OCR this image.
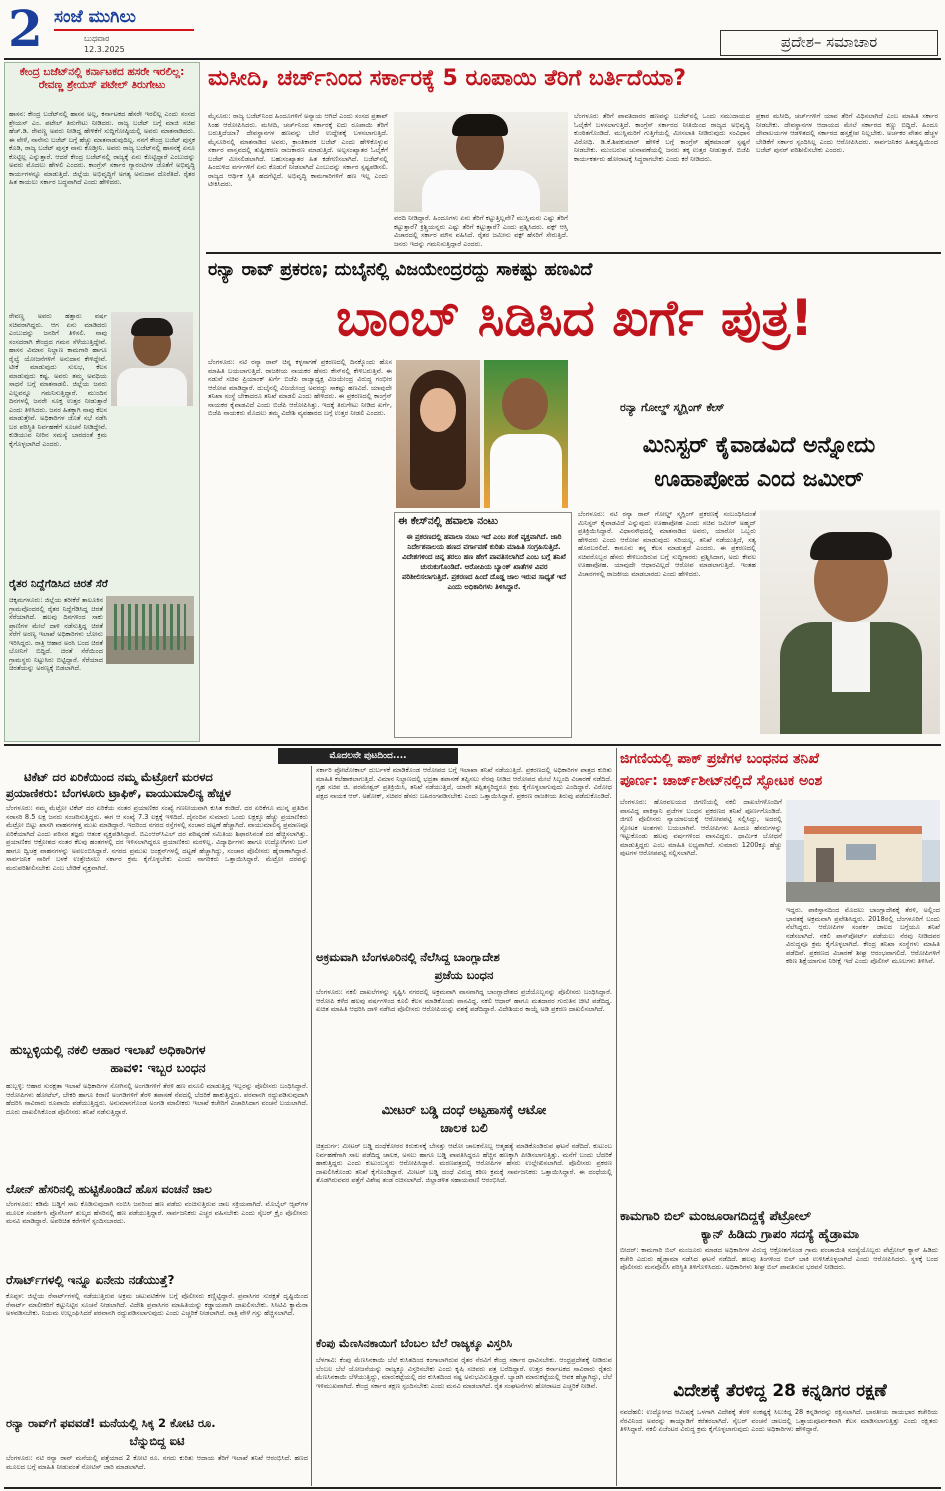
2 ಸಂಜೆ ಮುಗಿಲು
ಬುಧವಾರ
12.3.2025	ಪ್ರದೇಶ– ಸಮಾಚಾರ
ಕೇಂದ್ರ ಬಜೆಟ್‌ನಲ್ಲಿ ಕರ್ನಾಟಕದ ಹಸರೇ ಇರಲಿಲ್ಲ: ರೇವಣ್ಣ ಶ್ರೇಯಸ್ ಪಟೇಲ್ ತಿರುಗೇಟು
ಹಾಸನ: ಕೇಂದ್ರ ಬಜೆಟ್‌ನಲ್ಲಿ ಹಾಸನ ಅಲ್ಲ, ಕರ್ನಾಟಕದ ಹೆಸರೇ ಇರಲಿಲ್ಲ ಎಂದು ಸಂಸದ ಶ್ರೇಯಸ್ ಎಂ. ಪಟೇಲ್ ತಿರುಗೇಟು ನೀಡಿದರು. ರಾಜ್ಯ ಬಜೆಟ್ ಬಗ್ಗೆ ಮಾಜಿ ಸಚಿವ ಹೆಚ್.ಡಿ. ರೇವಣ್ಣ ಅವರು ನೀಡಿದ್ದ ಹೇಳಿಕೆಗೆ ಸುದ್ದಿಗೋಷ್ಠಿಯಲ್ಲಿ ಅವರು ಮಾತನಾಡಿದರು. ಈ ವೇಳೆ, ನಾನೇನು ಬಜೆಟ್ ಬಗ್ಗೆ ಹೆಚ್ಚು ಮಾತನಾಡುವುದಿಲ್ಲ. ನನಗೆ ಕೇಂದ್ರ ಬಜೆಟ್ ಪುಸ್ತಕ ಕೊಡಿ, ರಾಜ್ಯ ಬಜೆಟ್ ಪುಸ್ತಕ ನಾನು ಕೊಡ್ತೀನಿ. ಅವರು ರಾಜ್ಯ ಬಜೆಟ್‌ನಲ್ಲಿ ಹಾಸನಕ್ಕೆ ಏನೂ ಕೊಟ್ಟಿಲ್ಲ ಎನ್ನುತ್ತಾರೆ. ಆದರೆ ಕೇಂದ್ರ ಬಜೆಟ್‌ನಲ್ಲಿ ರಾಜ್ಯಕ್ಕೆ ಏನು ಕೊಟ್ಟಿದ್ದಾರೆ ಎಂಬುದನ್ನು ಅವರು ಮೊದಲು ಹೇಳಲಿ ಎಂದರು. ಕಾಂಗ್ರೆಸ್ ಸರ್ಕಾರ ಗ್ಯಾರಂಟಿಗಳ ಜೊತೆಗೆ ಅಭಿವೃದ್ಧಿ ಕಾರ್ಯಗಳನ್ನೂ ಮಾಡುತ್ತಿದೆ. ಜಿಲ್ಲೆಯ ಅಭಿವೃದ್ಧಿಗೆ ಅಗತ್ಯ ಅನುದಾನ ದೊರೆತಿದೆ. ರೈತರ ಹಿತ ಕಾಯಲು ಸರ್ಕಾರ ಬದ್ಧವಾಗಿದೆ ಎಂದು ಹೇಳಿದರು.
ರೇವಣ್ಣ ಅವರು ಹತ್ತಾರು ವರ್ಷ ಸಚಿವರಾಗಿದ್ದರು. ಆಗ ಏನು ಮಾಡಿದರು ಎಂಬುದನ್ನು ಜನರಿಗೆ ತಿಳಿಸಲಿ. ನಾವು ಸಂಸದರಾಗಿ ಕೇಂದ್ರದ ಗಮನ ಸೆಳೆಯುತ್ತಿದ್ದೇವೆ. ಹಾಸನ ವಿಮಾನ ನಿಲ್ದಾಣ ಕಾಮಗಾರಿ ಹಾಗೂ ರೈಲ್ವೆ ಯೋಜನೆಗಳಿಗೆ ಅನುದಾನ ಕೇಳಿದ್ದೇವೆ. ಟೀಕೆ ಮಾಡುವುದು ಸುಲಭ, ಕೆಲಸ ಮಾಡುವುದು ಕಷ್ಟ. ಅವರು ತಮ್ಮ ಅವಧಿಯ ಸಾಧನೆ ಬಗ್ಗೆ ಮಾತನಾಡಲಿ. ಜಿಲ್ಲೆಯ ಜನರು ಎಲ್ಲವನ್ನೂ ಗಮನಿಸುತ್ತಿದ್ದಾರೆ. ಮುಂದಿನ ದಿನಗಳಲ್ಲಿ ಜನರೇ ಸೂಕ್ತ ಉತ್ತರ ನೀಡುತ್ತಾರೆ ಎಂದು ತಿಳಿಸಿದರು. ಜನರ ಹಿತಕ್ಕಾಗಿ ನಾವು ಕೆಲಸ ಮಾಡುತ್ತೇವೆ. ಅಧಿಕಾರಿಗಳ ಜೊತೆ ಸಭೆ ನಡೆಸಿ ಬರ ಪರಿಸ್ಥಿತಿ ನಿರ್ವಹಣೆಗೆ ಸೂಚನೆ ನೀಡಿದ್ದೇವೆ. ಕುಡಿಯುವ ನೀರಿನ ಸಮಸ್ಯೆ ಬಾರದಂತೆ ಕ್ರಮ ಕೈಗೊಳ್ಳಲಾಗಿದೆ ಎಂದರು.
ರೈತರ ನಿದ್ದೆಗೆಡಿಸಿದ ಚಿರತೆ ಸೆರೆ
ಚಿಕ್ಕಮಗಳೂರು: ಜಿಲ್ಲೆಯ ತರೀಕೆರೆ ತಾಲೂಕಿನ ಗ್ರಾಮವೊಂದರಲ್ಲಿ ರೈತರ ನಿದ್ದೆಗೆಡಿಸಿದ್ದ ಚಿರತೆ ಸೆರೆಯಾಗಿದೆ. ಹಲವು ದಿನಗಳಿಂದ ಸಾಕು ಪ್ರಾಣಿಗಳ ಮೇಲೆ ದಾಳಿ ನಡೆಸುತ್ತಿದ್ದ ಚಿರತೆ ಸೆರೆಗೆ ಅರಣ್ಯ ಇಲಾಖೆ ಅಧಿಕಾರಿಗಳು ಬೋನು ಇರಿಸಿದ್ದರು. ರಾತ್ರಿ ಆಹಾರ ಅರಸಿ ಬಂದ ಚಿರತೆ ಬೋನಿಗೆ ಬಿದ್ದಿದೆ. ಚಿರತೆ ಸೆರೆಯಿಂದ ಗ್ರಾಮಸ್ಥರು ನಿಟ್ಟುಸಿರು ಬಿಟ್ಟಿದ್ದಾರೆ. ಸೆರೆಯಾದ ಚಿರತೆಯನ್ನು ಅರಣ್ಯಕ್ಕೆ ಬಿಡಲಾಗಿದೆ.
ಮಸೀದಿ, ಚರ್ಚ್‌ನಿಂದ ಸರ್ಕಾರಕ್ಕೆ 5 ರೂಪಾಯಿ ತೆರಿಗೆ ಬರ್ತಿದೆಯಾ?
ಮೈಸೂರು: ರಾಜ್ಯ ಬಜೆಟ್‌ನಿಂದ ಹಿಂದೂಗಳಿಗೆ ಅನ್ಯಾಯ ಆಗಿದೆ ಎಂದು ಸಂಸದ ಪ್ರತಾಪ್ ಸಿಂಹ ಆರೋಪಿಸಿದರು. ಮಸೀದಿ, ಚರ್ಚ್‌ನಿಂದ ಸರ್ಕಾರಕ್ಕೆ ಐದು ರೂಪಾಯಿ ತೆರಿಗೆ ಬರುತ್ತಿದೆಯಾ? ದೇವಸ್ಥಾನಗಳ ಹಣವನ್ನು ಬೇರೆ ಉದ್ದೇಶಕ್ಕೆ ಬಳಸಲಾಗುತ್ತಿದೆ. ಮೈಸೂರಿನಲ್ಲಿ ಮಾತನಾಡಿದ ಅವರು, ಕ್ರಾಂತಿಕಾರಕ ಬಜೆಟ್ ಎಂದು ಹೇಳಿಕೊಳ್ಳುವ ಸರ್ಕಾರ ವಾಸ್ತವದಲ್ಲಿ ತುಷ್ಟೀಕರಣ ರಾಜಕಾರಣ ಮಾಡುತ್ತಿದೆ. ಅಲ್ಪಸಂಖ್ಯಾತರ ಓಲೈಕೆಗೆ ಬಜೆಟ್ ಮೀಸಲಿಡಲಾಗಿದೆ. ಬಹುಸಂಖ್ಯಾತರ ಹಿತ ಕಡೆಗಣಿಸಲಾಗಿದೆ. ಬಜೆಟ್‌ನಲ್ಲಿ ಹಿಂದುಳಿದ ವರ್ಗಗಳಿಗೆ ಏನು ಕೊಡುಗೆ ನೀಡಲಾಗಿದೆ ಎಂಬುದನ್ನು ಸರ್ಕಾರ ಸ್ಪಷ್ಟಪಡಿಸಲಿ. ರಾಜ್ಯದ ಆರ್ಥಿಕ ಸ್ಥಿತಿ ಹದಗೆಟ್ಟಿದೆ. ಅಭಿವೃದ್ಧಿ ಕಾಮಗಾರಿಗಳಿಗೆ ಹಣ ಇಲ್ಲ ಎಂದು ಟೀಕಿಸಿದರು.
ವರದಿ ನೀಡಿದ್ದಾರೆ. ಹಿಂದೂಗಳು ಏನು ತೆರಿಗೆ ಕಟ್ಟುತ್ತಿಲ್ಲವೇ? ಮುಸ್ಲಿಮರು ಎಷ್ಟು ತೆರಿಗೆ ಕಟ್ಟುತ್ತಾರೆ? ಕ್ರಿಶ್ಚಿಯನ್ನರು ಎಷ್ಟು ತೆರಿಗೆ ಕಟ್ಟುತ್ತಾರೆ? ಎಂದು ಪ್ರಶ್ನಿಸಿದರು. ವಕ್ಫ್ ಆಸ್ತಿ ವಿಚಾರದಲ್ಲಿ ಸರ್ಕಾರ ಮೌನ ವಹಿಸಿದೆ. ರೈತರ ಜಮೀನು ವಕ್ಫ್ ಹೆಸರಿಗೆ ಸೇರುತ್ತಿದೆ. ಜನರು ಇದನ್ನು ಗಮನಿಸುತ್ತಿದ್ದಾರೆ ಎಂದರು.
ಬೆಂಗಳೂರು ತೆರಿಗೆ ಪಾವತಿದಾರರ ಹಣವನ್ನು ಬಜೆಟ್‌ನಲ್ಲಿ ಒಂದು ಸಮುದಾಯದ ಓಲೈಕೆಗೆ ಬಳಸಲಾಗುತ್ತಿದೆ. ಕಾಂಗ್ರೆಸ್ ಸರ್ಕಾರದ ನೀತಿಯಿಂದ ರಾಜ್ಯದ ಅಭಿವೃದ್ಧಿ ಕುಂಠಿತಗೊಂಡಿದೆ. ಮುಸ್ಲಿಮರಿಗೆ ಗುತ್ತಿಗೆಯಲ್ಲಿ ಮೀಸಲಾತಿ ನೀಡಿರುವುದು ಸಂವಿಧಾನ ವಿರೋಧಿ. ಡಿ.ಕೆ.ಶಿವಕುಮಾರ್ ಹೇಳಿಕೆ ಬಗ್ಗೆ ಕಾಂಗ್ರೆಸ್ ಹೈಕಮಾಂಡ್ ಸ್ಪಷ್ಟನೆ ನೀಡಬೇಕು. ಮುಂಬರುವ ಚುನಾವಣೆಯಲ್ಲಿ ಜನರು ತಕ್ಕ ಉತ್ತರ ನೀಡುತ್ತಾರೆ. ಬಿಜೆಪಿ ಕಾರ್ಯಕರ್ತರು ಹೋರಾಟಕ್ಕೆ ಸಿದ್ಧರಾಗಬೇಕು ಎಂದು ಕರೆ ನೀಡಿದರು.
ಪ್ರಕಾರ ಮಸೀದಿ, ಚರ್ಚ್‌ಗಳಿಗೆ ಯಾವ ತೆರಿಗೆ ವಿಧಿಸಲಾಗಿದೆ ಎಂಬ ಮಾಹಿತಿ ಸರ್ಕಾರ ನೀಡಬೇಕು. ದೇವಸ್ಥಾನಗಳ ಆದಾಯದ ಮೇಲೆ ಸರ್ಕಾರದ ಕಣ್ಣು ಬಿದ್ದಿದೆ. ಹಿಂದೂ ದೇವಾಲಯಗಳ ಆಡಳಿತದಲ್ಲಿ ಸರ್ಕಾರದ ಹಸ್ತಕ್ಷೇಪ ನಿಲ್ಲಬೇಕು. ಅರ್ಚಕರ ವೇತನ ಹೆಚ್ಚಳ ಬೇಡಿಕೆಗೆ ಸರ್ಕಾರ ಸ್ಪಂದಿಸಿಲ್ಲ ಎಂದು ಆರೋಪಿಸಿದರು. ಸಾರ್ವಜನಿಕರ ಹಿತದೃಷ್ಟಿಯಿಂದ ಬಜೆಟ್ ಪುನರ್ ಪರಿಶೀಲಿಸಬೇಕು ಎಂದರು.
ರನ್ಯಾ ರಾವ್ ಪ್ರಕರಣ; ದುಬೈನಲ್ಲಿ ವಿಜಯೇಂದ್ರರದ್ದು ಸಾಕಷ್ಟು ಹಣವಿದೆ
ಬಾಂಬ್ ಸಿಡಿಸಿದ ಖರ್ಗೆ ಪುತ್ರ!
ಬೆಂಗಳೂರು: ನಟಿ ರನ್ಯಾ ರಾವ್ ಚಿನ್ನ ಕಳ್ಳಸಾಗಣೆ ಪ್ರಕರಣದಲ್ಲಿ ದಿನಕ್ಕೊಂದು ಹೊಸ ಮಾಹಿತಿ ಬಯಲಾಗುತ್ತಿದೆ. ರಾಜಕೀಯ ನಾಯಕರ ಹೆಸರು ಕೇಸ್‌ನಲ್ಲಿ ಕೇಳಿಬರುತ್ತಿವೆ. ಈ ನಡುವೆ ಸಚಿವ ಪ್ರಿಯಾಂಕ್ ಖರ್ಗೆ ಬಿಜೆಪಿ ರಾಜ್ಯಾಧ್ಯಕ್ಷ ವಿಜಯೇಂದ್ರ ವಿರುದ್ಧ ಗಂಭೀರ ಆರೋಪ ಮಾಡಿದ್ದಾರೆ. ದುಬೈನಲ್ಲಿ ವಿಜಯೇಂದ್ರ ಅವರದ್ದು ಸಾಕಷ್ಟು ಹಣವಿದೆ. ಯಾವುದೇ ತನಿಖಾ ಸಂಸ್ಥೆ ಬೇಕಾದರೂ ತನಿಖೆ ಮಾಡಲಿ ಎಂದು ಹೇಳಿದರು. ಈ ಪ್ರಕರಣದಲ್ಲಿ ಕಾಂಗ್ರೆಸ್ ನಾಯಕರ ಕೈವಾಡವಿದೆ ಎಂದು ಬಿಜೆಪಿ ಆರೋಪಿಸಿತ್ತು. ಇದಕ್ಕೆ ತಿರುಗೇಟು ನೀಡಿದ ಖರ್ಗೆ, ಬಿಜೆಪಿ ನಾಯಕರು ಮೊದಲು ತಮ್ಮ ವಿದೇಶಿ ವ್ಯವಹಾರದ ಬಗ್ಗೆ ಉತ್ತರ ನೀಡಲಿ ಎಂದರು.
ಈ ಕೇಸ್‌ನಲ್ಲಿ ಹವಾಲಾ ನಂಟು
ಈ ಪ್ರಕರಣದಲ್ಲಿ ಹವಾಲಾ ನಂಟು ಇದೆ ಎಂಬ ಶಂಕೆ ವ್ಯಕ್ತವಾಗಿದೆ. ಜಾರಿ ನಿರ್ದೇಶನಾಲಯ ಹಣದ ವರ್ಗಾವಣೆ ಕುರಿತು ಮಾಹಿತಿ ಸಂಗ್ರಹಿಸುತ್ತಿದೆ. ವಿದೇಶಗಳಿಂದ ಚಿನ್ನ ತರಲು ಹಣ ಹೇಗೆ ಪಾವತಿಸಲಾಗಿದೆ ಎಂಬ ಬಗ್ಗೆ ತನಿಖೆ ಚುರುಕುಗೊಂಡಿದೆ. ಆರೋಪಿಯ ಬ್ಯಾಂಕ್ ಖಾತೆಗಳ ವಿವರ ಪರಿಶೀಲಿಸಲಾಗುತ್ತಿದೆ. ಪ್ರಕರಣದ ಹಿಂದೆ ದೊಡ್ಡ ಜಾಲ ಇರುವ ಸಾಧ್ಯತೆ ಇದೆ ಎಂದು ಅಧಿಕಾರಿಗಳು ತಿಳಿಸಿದ್ದಾರೆ.
ರನ್ಯಾ ಗೋಲ್ಡ್ ಸ್ಮಗ್ಲಿಂಗ್ ಕೇಸ್
ಮಿನಿಸ್ಟರ್ ಕೈವಾಡವಿದೆ ಅನ್ನೋದು
ಊಹಾಪೋಹ ಎಂದ ಜಮೀರ್
ಬೆಂಗಳೂರು: ನಟಿ ರನ್ಯಾ ರಾವ್ ಗೋಲ್ಡ್ ಸ್ಮಗ್ಲಿಂಗ್ ಪ್ರಕರಣಕ್ಕೆ ಸಂಬಂಧಿಸಿದಂತೆ ಮಿನಿಸ್ಟರ್ ಕೈವಾಡವಿದೆ ಎನ್ನುವುದು ಊಹಾಪೋಹ ಎಂದು ಸಚಿವ ಜಮೀರ್ ಅಹ್ಮದ್ ಪ್ರತಿಕ್ರಿಯಿಸಿದ್ದಾರೆ. ವಿಧಾನಸೌಧದಲ್ಲಿ ಮಾತನಾಡಿದ ಅವರು, ಯಾರೋ ಒಬ್ಬರು ಹೇಳಿದರು ಎಂದು ಆರೋಪ ಮಾಡುವುದು ಸರಿಯಲ್ಲ. ತನಿಖೆ ನಡೆಯುತ್ತಿದೆ, ಸತ್ಯ ಹೊರಬರಲಿದೆ. ಕಾನೂನು ತನ್ನ ಕೆಲಸ ಮಾಡುತ್ತದೆ ಎಂದರು. ಈ ಪ್ರಕರಣದಲ್ಲಿ ಸಚಿವರೊಬ್ಬರ ಹೆಸರು ಕೇಳಿಬಂದಿರುವ ಬಗ್ಗೆ ಸುದ್ದಿಗಾರರು ಪ್ರಶ್ನಿಸಿದಾಗ, ಅದು ಕೇವಲ ಊಹಾಪೋಹ. ಯಾವುದೇ ಆಧಾರವಿಲ್ಲದೆ ಆರೋಪ ಮಾಡಲಾಗುತ್ತಿದೆ. ಇಂತಹ ವಿಚಾರಗಳಲ್ಲಿ ರಾಜಕೀಯ ಮಾಡಬಾರದು ಎಂದು ಹೇಳಿದರು.
ಮೊದಲನೇ ಪುಟದಿಂದ....
ಟಿಕೆಟ್ ದರ ಏರಿಕೆಯಿಂದ ನಮ್ಮ ಮೆಟ್ರೋಗೆ ಮರಳದ
ಪ್ರಯಾಣಿಕರು: ಬೆಂಗಳೂರು ಟ್ರಾಫಿಕ್, ವಾಯುಮಾಲಿನ್ಯ ಹೆಚ್ಚಳ
ಬೆಂಗಳೂರು: ನಮ್ಮ ಮೆಟ್ರೋ ಟಿಕೆಟ್ ದರ ಏರಿಕೆಯ ನಂತರ ಪ್ರಯಾಣಿಕರ ಸಂಖ್ಯೆ ಗಣನೀಯವಾಗಿ ಕುಸಿತ ಕಂಡಿದೆ. ದರ ಏರಿಕೆಗೂ ಮುನ್ನ ಪ್ರತಿದಿನ ಸರಾಸರಿ 8.5 ಲಕ್ಷ ಜನರು ಸಂಚರಿಸುತ್ತಿದ್ದರು. ಈಗ ಆ ಸಂಖ್ಯೆ 7.3 ಲಕ್ಷಕ್ಕೆ ಇಳಿದಿದೆ. ದೈನಂದಿನ ಸುಮಾರು ಒಂದು ಲಕ್ಷಕ್ಕೂ ಹೆಚ್ಚು ಪ್ರಯಾಣಿಕರು ಮೆಟ್ರೋ ಬಿಟ್ಟು ಖಾಸಗಿ ವಾಹನಗಳತ್ತ ಮುಖ ಮಾಡಿದ್ದಾರೆ. ಇದರಿಂದ ನಗರದ ರಸ್ತೆಗಳಲ್ಲಿ ಸಂಚಾರ ದಟ್ಟಣೆ ಹೆಚ್ಚಾಗಿದೆ. ವಾಯುಮಾಲಿನ್ಯ ಪ್ರಮಾಣವೂ ಏರಿಕೆಯಾಗಿದೆ ಎಂದು ಪರಿಸರ ತಜ್ಞರು ಆತಂಕ ವ್ಯಕ್ತಪಡಿಸಿದ್ದಾರೆ. ಬಿಎಂಆರ್‌ಸಿಎಲ್ ದರ ಪರಿಷ್ಕರಣೆ ಸಮಿತಿಯ ಶಿಫಾರಸಿನಂತೆ ದರ ಹೆಚ್ಚಿಸಲಾಗಿತ್ತು. ಪ್ರಯಾಣಿಕರ ಆಕ್ರೋಶದ ನಂತರ ಕೆಲವು ಹಂತಗಳಲ್ಲಿ ದರ ಇಳಿಸಲಾಗಿದ್ದರೂ ಪ್ರಯಾಣಿಕರು ಮರಳಿಲ್ಲ. ವಿದ್ಯಾರ್ಥಿಗಳು ಹಾಗೂ ಉದ್ಯೋಗಿಗಳು ಬಸ್ ಹಾಗೂ ದ್ವಿಚಕ್ರ ವಾಹನಗಳನ್ನು ಅವಲಂಬಿಸಿದ್ದಾರೆ. ನಗರದ ಪ್ರಮುಖ ಜಂಕ್ಷನ್‌ಗಳಲ್ಲಿ ದಟ್ಟಣೆ ಹೆಚ್ಚಾಗಿದ್ದು, ಸಂಚಾರ ಪೊಲೀಸರು ಹೈರಾಣಾಗಿದ್ದಾರೆ. ಸಾರ್ವಜನಿಕ ಸಾರಿಗೆ ಬಳಕೆ ಉತ್ತೇಜಿಸಲು ಸರ್ಕಾರ ಕ್ರಮ ಕೈಗೊಳ್ಳಬೇಕು ಎಂದು ನಾಗರಿಕರು ಒತ್ತಾಯಿಸಿದ್ದಾರೆ. ಮೆಟ್ರೋ ದರವನ್ನು ಮರುಪರಿಶೀಲಿಸಬೇಕು ಎಂಬ ಬೇಡಿಕೆ ವ್ಯಕ್ತವಾಗಿದೆ.
ಹುಬ್ಬಳ್ಳಿಯಲ್ಲಿ ನಕಲಿ ಆಹಾರ ಇಲಾಖೆ ಅಧಿಕಾರಿಗಳ
ಹಾವಳಿ: ಇಬ್ಬರ ಬಂಧನ
ಹುಬ್ಬಳ್ಳಿ: ಆಹಾರ ಸುರಕ್ಷತಾ ಇಲಾಖೆ ಅಧಿಕಾರಿಗಳ ಸೋಗಿನಲ್ಲಿ ಅಂಗಡಿಗಳಿಗೆ ತೆರಳಿ ಹಣ ವಸೂಲಿ ಮಾಡುತ್ತಿದ್ದ ಇಬ್ಬರನ್ನು ಪೊಲೀಸರು ಬಂಧಿಸಿದ್ದಾರೆ. ಆರೋಪಿಗಳು ಹೋಟೆಲ್, ಬೇಕರಿ ಹಾಗೂ ಕಿರಾಣಿ ಅಂಗಡಿಗಳಿಗೆ ತೆರಳಿ ತಪಾಸಣೆ ನೆಪದಲ್ಲಿ ಬೆದರಿಕೆ ಹಾಕುತ್ತಿದ್ದರು. ಪರವಾನಗಿ ರದ್ದುಪಡಿಸುವುದಾಗಿ ಹೆದರಿಸಿ ಸಾವಿರಾರು ರೂಪಾಯಿ ಪಡೆಯುತ್ತಿದ್ದರು. ಅನುಮಾನಗೊಂಡ ಅಂಗಡಿ ಮಾಲೀಕರು ಇಲಾಖೆ ಕಚೇರಿಗೆ ವಿಚಾರಿಸಿದಾಗ ವಂಚನೆ ಬಯಲಾಗಿದೆ. ದೂರು ದಾಖಲಿಸಿಕೊಂಡ ಪೊಲೀಸರು ತನಿಖೆ ನಡೆಸುತ್ತಿದ್ದಾರೆ.
ಲೋನ್ ಹೆಸರಿನಲ್ಲಿ ಹುಟ್ಟಿಕೊಂಡಿದೆ ಹೊಸ ವಂಚನೆ ಜಾಲ
ಬೆಂಗಳೂರು: ಕಡಿಮೆ ಬಡ್ಡಿಗೆ ಸಾಲ ಕೊಡಿಸುವುದಾಗಿ ನಂಬಿಸಿ ಜನರಿಂದ ಹಣ ಪಡೆದು ವಂಚಿಸುತ್ತಿರುವ ಜಾಲ ಸಕ್ರಿಯವಾಗಿದೆ. ಮೊಬೈಲ್ ಆ್ಯಪ್‌ಗಳ ಮೂಲಕ ಸಂಪರ್ಕಿಸಿ ಪ್ರೊಸೆಸಿಂಗ್ ಶುಲ್ಕದ ಹೆಸರಿನಲ್ಲಿ ಹಣ ಪಡೆಯುತ್ತಿದ್ದಾರೆ. ಸಾರ್ವಜನಿಕರು ಎಚ್ಚರ ವಹಿಸಬೇಕು ಎಂದು ಸೈಬರ್ ಕ್ರೈಂ ಪೊಲೀಸರು ಮನವಿ ಮಾಡಿದ್ದಾರೆ. ಅಪರಿಚಿತ ಕರೆಗಳಿಗೆ ಸ್ಪಂದಿಸಬಾರದು.
ರೆಸಾರ್ಟ್‌ಗಳಲ್ಲಿ ಇನ್ನೂ ಏನೇನು ನಡೆಯುತ್ತೆ?
ಕೊಪ್ಪಳ: ಜಿಲ್ಲೆಯ ರೆಸಾರ್ಟ್‌ಗಳಲ್ಲಿ ನಡೆಯುತ್ತಿರುವ ಅಕ್ರಮ ಚಟುವಟಿಕೆಗಳ ಬಗ್ಗೆ ಪೊಲೀಸರು ಕಣ್ಣಿಟ್ಟಿದ್ದಾರೆ. ಪ್ರವಾಸಿಗರ ಸುರಕ್ಷತೆ ದೃಷ್ಟಿಯಿಂದ ರೆಸಾರ್ಟ್ ಮಾಲೀಕರಿಗೆ ಕಟ್ಟುನಿಟ್ಟಿನ ಸೂಚನೆ ನೀಡಲಾಗಿದೆ. ವಿದೇಶಿ ಪ್ರವಾಸಿಗರ ಮಾಹಿತಿಯನ್ನು ಕಡ್ಡಾಯವಾಗಿ ದಾಖಲಿಸಬೇಕು. ಸಿಸಿಟಿವಿ ಕ್ಯಾಮೆರಾ ಅಳವಡಿಸಬೇಕು. ನಿಯಮ ಉಲ್ಲಂಘಿಸಿದರೆ ಪರವಾನಗಿ ರದ್ದುಪಡಿಸಲಾಗುವುದು ಎಂದು ಎಚ್ಚರಿಕೆ ನೀಡಲಾಗಿದೆ. ರಾತ್ರಿ ವೇಳೆ ಗಸ್ತು ಹೆಚ್ಚಿಸಲಾಗಿದೆ.
ರನ್ಯಾ ರಾವ್‌ಗೆ ಫವವಡೆ! ಮನೆಯಲ್ಲಿ ಸಿಕ್ಕ 2 ಕೋಟಿ ರೂ.
ಬೆನ್ನುಬಿದ್ದ ಐಟಿ
ಬೆಂಗಳೂರು: ನಟಿ ರನ್ಯಾ ರಾವ್ ಮನೆಯಲ್ಲಿ ಪತ್ತೆಯಾದ 2 ಕೋಟಿ ರೂ. ನಗದು ಕುರಿತು ಆದಾಯ ತೆರಿಗೆ ಇಲಾಖೆ ತನಿಖೆ ಆರಂಭಿಸಿದೆ. ಹಣದ ಮೂಲದ ಬಗ್ಗೆ ಮಾಹಿತಿ ನೀಡುವಂತೆ ನೋಟಿಸ್ ಜಾರಿ ಮಾಡಲಾಗಿದೆ.
ಸರ್ಕಾರಿ ಪ್ರೋಟೋಕಾಲ್ ದುರ್ಬಳಕೆ ಮಾಡಿಕೊಂಡ ಆರೋಪದ ಬಗ್ಗೆ ಇಲಾಖಾ ತನಿಖೆ ನಡೆಯುತ್ತಿದೆ. ಪ್ರಕರಣದಲ್ಲಿ ಅಧಿಕಾರಿಗಳ ಪಾತ್ರದ ಕುರಿತು ಮಾಹಿತಿ ಕಲೆಹಾಕಲಾಗುತ್ತಿದೆ. ವಿಮಾನ ನಿಲ್ದಾಣದಲ್ಲಿ ಭದ್ರತಾ ತಪಾಸಣೆ ತಪ್ಪಿಸಲು ನೆರವು ನೀಡಿದ ಆರೋಪದ ಮೇಲೆ ಸಿಬ್ಬಂದಿ ವಿಚಾರಣೆ ನಡೆದಿದೆ. ಗೃಹ ಸಚಿವ ಜಿ. ಪರಮೇಶ್ವರ್ ಪ್ರತಿಕ್ರಿಯಿಸಿ, ತನಿಖೆ ನಡೆಯುತ್ತಿದೆ, ಯಾರೇ ತಪ್ಪಿತಸ್ಥರಿದ್ದರೂ ಕ್ರಮ ಕೈಗೊಳ್ಳಲಾಗುವುದು ಎಂದಿದ್ದಾರೆ. ವಿರೋಧ ಪಕ್ಷದ ನಾಯಕ ಆರ್. ಅಶೋಕ್, ಸಚಿವರ ಹೆಸರು ಬಹಿರಂಗಪಡಿಸಬೇಕು ಎಂದು ಒತ್ತಾಯಿಸಿದ್ದಾರೆ. ಪ್ರಕರಣ ರಾಜಕೀಯ ತಿರುವು ಪಡೆದುಕೊಂಡಿದೆ.
ಅಕ್ರಮವಾಗಿ ಬೆಂಗಳೂರಿನಲ್ಲಿ ನೆಲೆಸಿದ್ದ ಬಾಂಗ್ಲಾದೇಶ
ಪ್ರಜೆಯ ಬಂಧನ
ಬೆಂಗಳೂರು: ನಕಲಿ ದಾಖಲೆಗಳನ್ನು ಸೃಷ್ಟಿಸಿ ನಗರದಲ್ಲಿ ಅಕ್ರಮವಾಗಿ ವಾಸವಾಗಿದ್ದ ಬಾಂಗ್ಲಾದೇಶದ ಪ್ರಜೆಯೊಬ್ಬನನ್ನು ಪೊಲೀಸರು ಬಂಧಿಸಿದ್ದಾರೆ. ಆರೋಪಿ ಕಳೆದ ಹಲವು ವರ್ಷಗಳಿಂದ ಕೂಲಿ ಕೆಲಸ ಮಾಡಿಕೊಂಡು ವಾಸವಿದ್ದ. ನಕಲಿ ಆಧಾರ್ ಹಾಗೂ ಮತದಾರರ ಗುರುತಿನ ಚೀಟಿ ಪಡೆದಿದ್ದ. ಖಚಿತ ಮಾಹಿತಿ ಆಧರಿಸಿ ದಾಳಿ ನಡೆಸಿದ ಪೊಲೀಸರು ಆರೋಪಿಯನ್ನು ವಶಕ್ಕೆ ಪಡೆದಿದ್ದಾರೆ. ವಿದೇಶಿಯರ ಕಾಯ್ದೆ ಅಡಿ ಪ್ರಕರಣ ದಾಖಲಿಸಲಾಗಿದೆ.
ಮೀಟರ್ ಬಡ್ಡಿ ದಂಧೆ ಅಟ್ಟಹಾಸಕ್ಕೆ ಆಟೋ
ಚಾಲಕ ಬಲಿ
ಚಿತ್ರದುರ್ಗ: ಮೀಟರ್ ಬಡ್ಡಿ ದಂಧೆಕೋರರ ಕಿರುಕುಳಕ್ಕೆ ಬೇಸತ್ತು ಆಟೋ ಚಾಲಕನೊಬ್ಬ ಆತ್ಮಹತ್ಯೆ ಮಾಡಿಕೊಂಡಿರುವ ಘಟನೆ ನಡೆದಿದೆ. ಕುಟುಂಬ ನಿರ್ವಹಣೆಗಾಗಿ ಸಾಲ ಪಡೆದಿದ್ದ ಚಾಲಕ, ಅಸಲು ಹಾಗೂ ಬಡ್ಡಿ ಪಾವತಿಸಿದ್ದರೂ ಹೆಚ್ಚಿನ ಹಣಕ್ಕಾಗಿ ಪೀಡಿಸಲಾಗುತ್ತಿತ್ತು. ಮನೆಗೆ ಬಂದು ಬೆದರಿಕೆ ಹಾಕುತ್ತಿದ್ದರು ಎಂದು ಕುಟುಂಬಸ್ಥರು ಆರೋಪಿಸಿದ್ದಾರೆ. ಮರಣಪತ್ರದಲ್ಲಿ ಆರೋಪಿಗಳ ಹೆಸರು ಉಲ್ಲೇಖಿಸಲಾಗಿದೆ. ಪೊಲೀಸರು ಪ್ರಕರಣ ದಾಖಲಿಸಿಕೊಂಡು ತನಿಖೆ ಕೈಗೊಂಡಿದ್ದಾರೆ. ಮೀಟರ್ ಬಡ್ಡಿ ದಂಧೆ ವಿರುದ್ಧ ಕಠಿಣ ಕ್ರಮಕ್ಕೆ ಸಾರ್ವಜನಿಕರು ಒತ್ತಾಯಿಸಿದ್ದಾರೆ. ಈ ದಂಧೆಯಲ್ಲಿ ತೊಡಗಿರುವವರ ಪತ್ತೆಗೆ ವಿಶೇಷ ತಂಡ ರಚಿಸಲಾಗಿದೆ. ಜಿಲ್ಲಾಡಳಿತ ಸಹಾಯವಾಣಿ ಆರಂಭಿಸಿದೆ.
ಕೆಂಪು ಮೆಣಸಿನಕಾಯಿಗೆ ಬೆಂಬಲ ಬೆಲೆ ರಾಜ್ಯಕ್ಕೂ ವಿಸ್ತರಿಸಿ
ಬೆಳಗಾವಿ: ಕೆಂಪು ಮೆಣಸಿನಕಾಯಿ ಬೆಲೆ ಕುಸಿತದಿಂದ ಕಂಗಾಲಾಗಿರುವ ರೈತರ ನೆರವಿಗೆ ಕೇಂದ್ರ ಸರ್ಕಾರ ಧಾವಿಸಬೇಕು. ಆಂಧ್ರಪ್ರದೇಶಕ್ಕೆ ನೀಡಿರುವ ಬೆಂಬಲ ಬೆಲೆ ಯೋಜನೆಯನ್ನು ರಾಜ್ಯಕ್ಕೂ ವಿಸ್ತರಿಸಬೇಕು ಎಂದು ಕೃಷಿ ಸಚಿವರು ಪತ್ರ ಬರೆದಿದ್ದಾರೆ. ಉತ್ತರ ಕರ್ನಾಟಕದ ಸಾವಿರಾರು ರೈತರು ಮೆಣಸಿನಕಾಯಿ ಬೆಳೆಯುತ್ತಿದ್ದು, ಮಾರುಕಟ್ಟೆಯಲ್ಲಿ ದರ ಕುಸಿತದಿಂದ ನಷ್ಟ ಅನುಭವಿಸುತ್ತಿದ್ದಾರೆ. ಬ್ಯಾಡಗಿ ಮಾರುಕಟ್ಟೆಯಲ್ಲಿ ಆವಕ ಹೆಚ್ಚಾಗಿದ್ದು, ಬೆಲೆ ಇಳಿಮುಖವಾಗಿದೆ. ಕೇಂದ್ರ ಸರ್ಕಾರ ತಕ್ಷಣ ಸ್ಪಂದಿಸಬೇಕು ಎಂದು ಮನವಿ ಮಾಡಲಾಗಿದೆ. ರೈತ ಸಂಘಟನೆಗಳು ಹೋರಾಟದ ಎಚ್ಚರಿಕೆ ನೀಡಿವೆ.
ಜಿಗಣಿಯಲ್ಲಿ ಪಾಕ್ ಪ್ರಜೆಗಳ ಬಂಧನದ ತನಿಖೆ
ಪೂರ್ಣ: ಚಾರ್ಜ್‌ಶೀಟ್‌ನಲ್ಲಿದೆ ಸ್ಫೋಟಕ ಅಂಶ
ಬೆಂಗಳೂರು: ಹೊರವಲಯದ ಜಿಗಣಿಯಲ್ಲಿ ನಕಲಿ ದಾಖಲೆಗಳೊಂದಿಗೆ ವಾಸವಿದ್ದ ಪಾಕಿಸ್ತಾನಿ ಪ್ರಜೆಗಳ ಬಂಧನ ಪ್ರಕರಣದ ತನಿಖೆ ಪೂರ್ಣಗೊಂಡಿದೆ. ಜಿಗಣಿ ಪೊಲೀಸರು ನ್ಯಾಯಾಲಯಕ್ಕೆ ಆರೋಪಪಟ್ಟಿ ಸಲ್ಲಿಸಿದ್ದು, ಅದರಲ್ಲಿ ಸ್ಫೋಟಕ ಅಂಶಗಳು ಬಯಲಾಗಿವೆ. ಆರೋಪಿಗಳು ಹಿಂದೂ ಹೆಸರುಗಳನ್ನು ಇಟ್ಟುಕೊಂಡು ಹಲವು ವರ್ಷಗಳಿಂದ ವಾಸವಿದ್ದರು. ಧಾರ್ಮಿಕ ಬೋಧನೆ ಮಾಡುತ್ತಿದ್ದರು ಎಂಬ ಮಾಹಿತಿ ಲಭ್ಯವಾಗಿದೆ. ಸುಮಾರು 1200ಕ್ಕೂ ಹೆಚ್ಚು ಪುಟಗಳ ಆರೋಪಪಟ್ಟಿ ಸಲ್ಲಿಸಲಾಗಿದೆ.
ಇದ್ದರು. ಪಾಕಿಸ್ತಾನದಿಂದ ಮೊದಲು ಬಾಂಗ್ಲಾದೇಶಕ್ಕೆ ತೆರಳಿ, ಅಲ್ಲಿಂದ ಭಾರತಕ್ಕೆ ಅಕ್ರಮವಾಗಿ ಪ್ರವೇಶಿಸಿದ್ದರು. 2018ರಲ್ಲಿ ಬೆಂಗಳೂರಿಗೆ ಬಂದು ನೆಲೆಸಿದ್ದರು. ಆರೋಪಿಗಳ ಸಂಪರ್ಕ ಜಾಲದ ಬಗ್ಗೆಯೂ ತನಿಖೆ ನಡೆಸಲಾಗಿದೆ. ನಕಲಿ ಪಾಸ್‌ಪೋರ್ಟ್ ಪಡೆಯಲು ನೆರವು ನೀಡಿದವರ ವಿರುದ್ಧವೂ ಕ್ರಮ ಕೈಗೊಳ್ಳಲಾಗಿದೆ. ಕೇಂದ್ರ ತನಿಖಾ ಸಂಸ್ಥೆಗಳು ಮಾಹಿತಿ ಪಡೆದಿವೆ. ಪ್ರಕರಣದ ವಿಚಾರಣೆ ಶೀಘ್ರ ಆರಂಭವಾಗಲಿದೆ. ಆರೋಪಿಗಳಿಗೆ ಕಠಿಣ ಶಿಕ್ಷೆಯಾಗುವ ನಿರೀಕ್ಷೆ ಇದೆ ಎಂದು ಪೊಲೀಸ್ ಮೂಲಗಳು ತಿಳಿಸಿವೆ.
ಕಾಮಗಾರಿ ಬಿಲ್ ಮಂಜೂರಾಗದಿದ್ದಕ್ಕೆ ಪೆಟ್ರೋಲ್
ಕ್ಯಾನ್ ಹಿಡಿದು ಗ್ರಾಪಂ ಸದಸ್ಯೆ ಹೈಡ್ರಾಮಾ
ಬೀದರ್: ಕಾಮಗಾರಿ ಬಿಲ್ ಮಂಜೂರು ಮಾಡದ ಅಧಿಕಾರಿಗಳ ವಿರುದ್ಧ ಆಕ್ರೋಶಗೊಂಡ ಗ್ರಾಮ ಪಂಚಾಯಿತಿ ಸದಸ್ಯೆಯೊಬ್ಬರು ಪೆಟ್ರೋಲ್ ಕ್ಯಾನ್ ಹಿಡಿದು ಕಚೇರಿ ಎದುರು ಹೈಡ್ರಾಮಾ ನಡೆಸಿದ ಘಟನೆ ನಡೆದಿದೆ. ಹಲವು ತಿಂಗಳಿಂದ ಬಿಲ್ ಬಾಕಿ ಉಳಿಸಿಕೊಳ್ಳಲಾಗಿದೆ ಎಂದು ಆರೋಪಿಸಿದರು. ಸ್ಥಳಕ್ಕೆ ಬಂದ ಪೊಲೀಸರು ಮನವೊಲಿಸಿ ಪರಿಸ್ಥಿತಿ ತಿಳಿಗೊಳಿಸಿದರು. ಅಧಿಕಾರಿಗಳು ಶೀಘ್ರ ಬಿಲ್ ಪಾವತಿಸುವ ಭರವಸೆ ನೀಡಿದರು.
ವಿದೇಶಕ್ಕೆ ತೆರಳಿದ್ದ 28 ಕನ್ನಡಿಗರ ರಕ್ಷಣೆ
ನವದೆಹಲಿ: ಉದ್ಯೋಗದ ಆಮಿಷಕ್ಕೆ ಒಳಗಾಗಿ ವಿದೇಶಕ್ಕೆ ತೆರಳಿ ಸಂಕಷ್ಟಕ್ಕೆ ಸಿಲುಕಿದ್ದ 28 ಕನ್ನಡಿಗರನ್ನು ರಕ್ಷಿಸಲಾಗಿದೆ. ಭಾರತೀಯ ರಾಯಭಾರ ಕಚೇರಿಯ ನೆರವಿನಿಂದ ಅವರನ್ನು ತಾಯ್ನಾಡಿಗೆ ಕರೆತರಲಾಗಿದೆ. ಸೈಬರ್ ವಂಚನೆ ಜಾಲದಲ್ಲಿ ಒತ್ತಾಯಪೂರ್ವಕವಾಗಿ ಕೆಲಸ ಮಾಡಿಸಲಾಗುತ್ತಿತ್ತು ಎಂದು ರಕ್ಷಿತರು ತಿಳಿಸಿದ್ದಾರೆ. ನಕಲಿ ಏಜೆಂಟರ ವಿರುದ್ಧ ಕ್ರಮ ಕೈಗೊಳ್ಳಲಾಗುವುದು ಎಂದು ಅಧಿಕಾರಿಗಳು ಹೇಳಿದ್ದಾರೆ.
